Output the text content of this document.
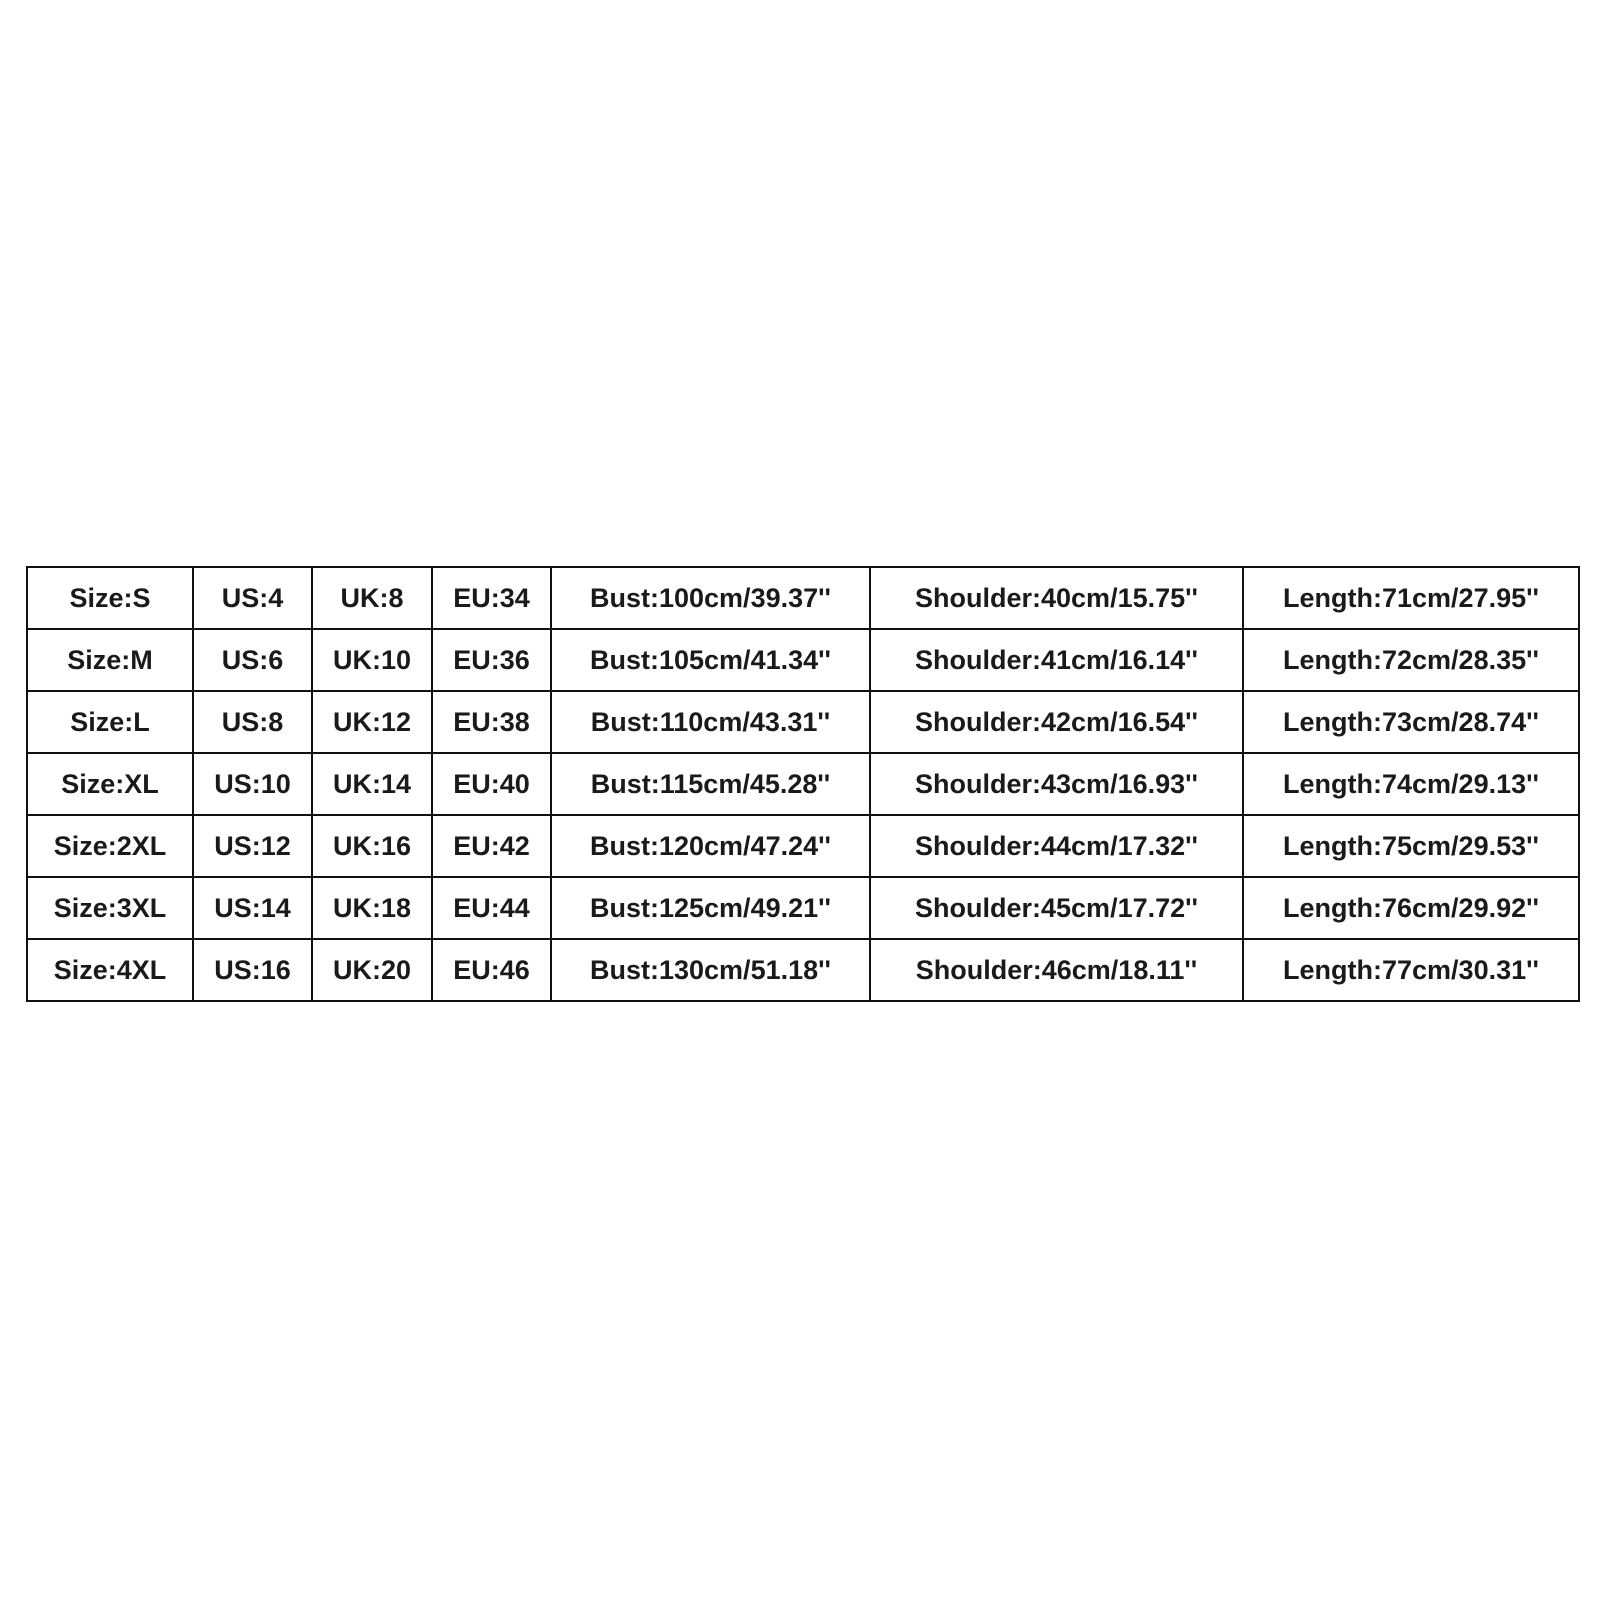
Size:S	US:4	UK:8	EU:34	Bust:100cm/39.37''	Shoulder:40cm/15.75''	Length:71cm/27.95''
Size:M	US:6	UK:10	EU:36	Bust:105cm/41.34''	Shoulder:41cm/16.14''	Length:72cm/28.35''
Size:L	US:8	UK:12	EU:38	Bust:110cm/43.31''	Shoulder:42cm/16.54''	Length:73cm/28.74''
Size:XL	US:10	UK:14	EU:40	Bust:115cm/45.28''	Shoulder:43cm/16.93''	Length:74cm/29.13''
Size:2XL	US:12	UK:16	EU:42	Bust:120cm/47.24''	Shoulder:44cm/17.32''	Length:75cm/29.53''
Size:3XL	US:14	UK:18	EU:44	Bust:125cm/49.21''	Shoulder:45cm/17.72''	Length:76cm/29.92''
Size:4XL	US:16	UK:20	EU:46	Bust:130cm/51.18''	Shoulder:46cm/18.11''	Length:77cm/30.31''
